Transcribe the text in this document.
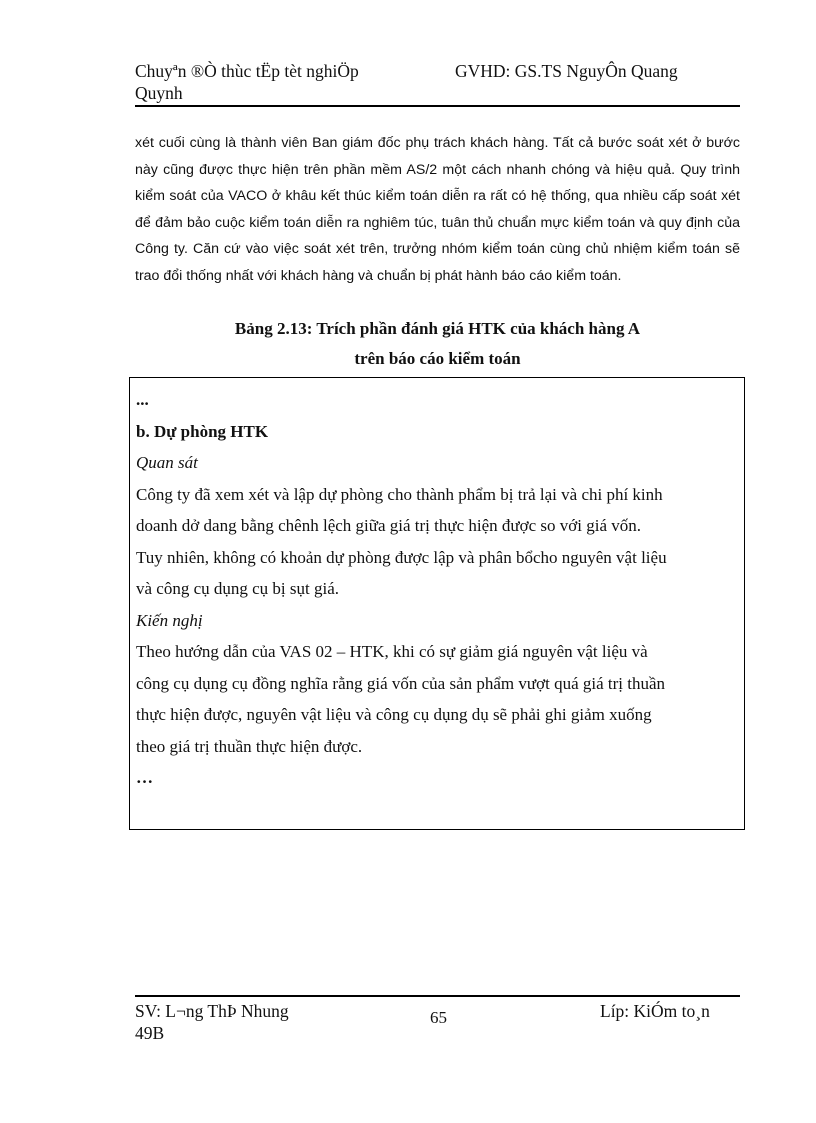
Chuyªn ®Ò thùc tËp tèt nghiÖp
Quynh
GVHD: GS.TS NguyÔn Quang

xét cuối cùng là thành viên Ban giám đốc phụ trách khách hàng. Tất cả bước soát xét ở bước này cũng được thực hiện trên phần mềm AS/2 một cách nhanh chóng và hiệu quả. Quy trình kiểm soát của VACO ở khâu kết thúc kiểm toán diễn ra rất có hệ thống, qua nhiều cấp soát xét để đảm bảo cuộc kiểm toán diễn ra nghiêm túc, tuân thủ chuẩn mực kiểm toán và quy định của Công ty. Căn cứ vào việc soát xét trên, trưởng nhóm kiểm toán cùng chủ nhiệm kiểm toán sẽ trao đổi thống nhất với khách hàng và chuẩn bị phát hành báo cáo kiểm toán.

Bảng 2.13: Trích phần đánh giá HTK của khách hàng A
trên báo cáo kiểm toán

...

b. Dự phòng HTK

Quan sát

Công ty đã xem xét và lập dự phòng cho thành phẩm bị trả lại và chi phí kinh

doanh dở dang bằng chênh lệch giữa giá trị thực hiện được so với giá vốn.

Tuy nhiên, không có khoản dự phòng được lập và phân bổcho nguyên vật liệu

và công cụ dụng cụ bị sụt giá.

Kiến nghị

Theo hướng dẫn của VAS 02 – HTK, khi có sự giảm giá nguyên vật liệu và

công cụ dụng cụ đồng nghĩa rằng giá vốn của sản phẩm vượt quá giá trị thuần

thực hiện được, nguyên vật liệu và công cụ dụng dụ sẽ phải ghi giảm xuống

theo giá trị thuần thực hiện được.

…

SV: L¬ng ThÞ Nhung
49B
65	Líp: KiÓm to¸n
